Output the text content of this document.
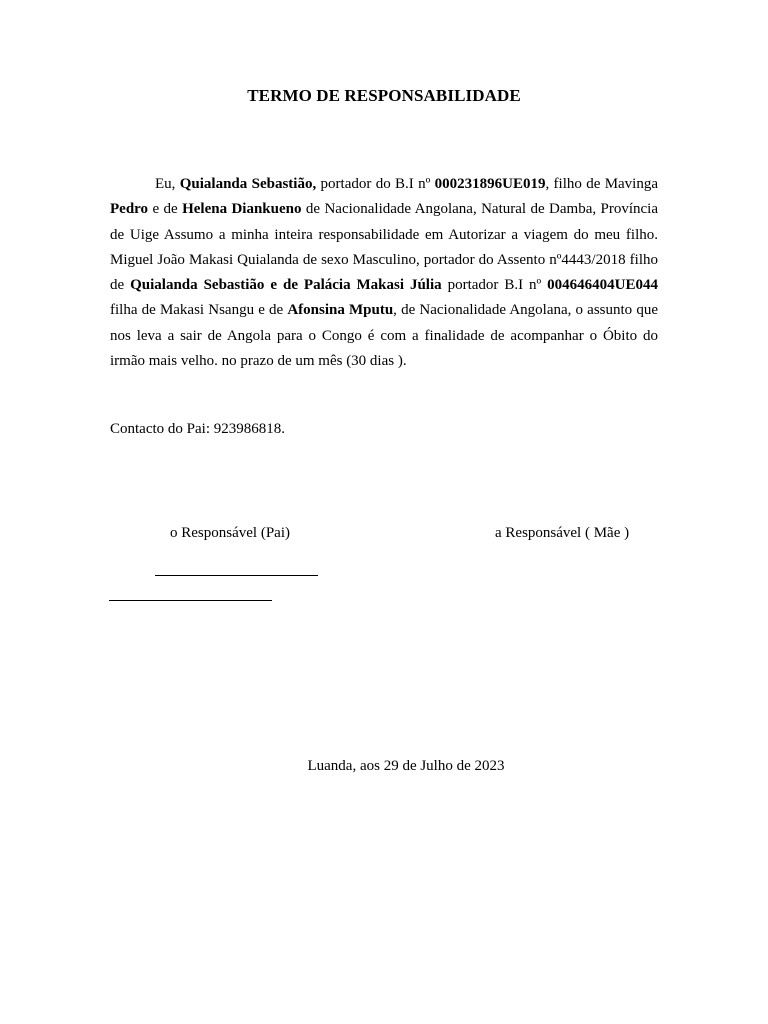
TERMO DE RESPONSABILIDADE

Eu, Quialanda Sebastião, portador do B.I nº 000231896UE019, filho de Mavinga Pedro e de Helena Diankueno de Nacionalidade Angolana, Natural de Damba, Província de Uige Assumo a minha inteira responsabilidade em Autorizar a viagem do meu filho. Miguel João Makasi Quialanda de sexo Masculino, portador do Assento nº4443/2018 filho de Quialanda Sebastião e de Palácia Makasi Júlia portador B.I nº 004646404UE044 filha de Makasi Nsangu e de Afonsina Mputu, de Nacionalidade Angolana, o assunto que nos leva a sair de Angola para o Congo é com a finalidade de acompanhar o Óbito do irmão mais velho. no prazo de um mês (30 dias ).

Contacto do Pai: 923986818.
o Responsável (Pai)	a Responsável ( Mãe )
Luanda, aos 29 de Julho de 2023
